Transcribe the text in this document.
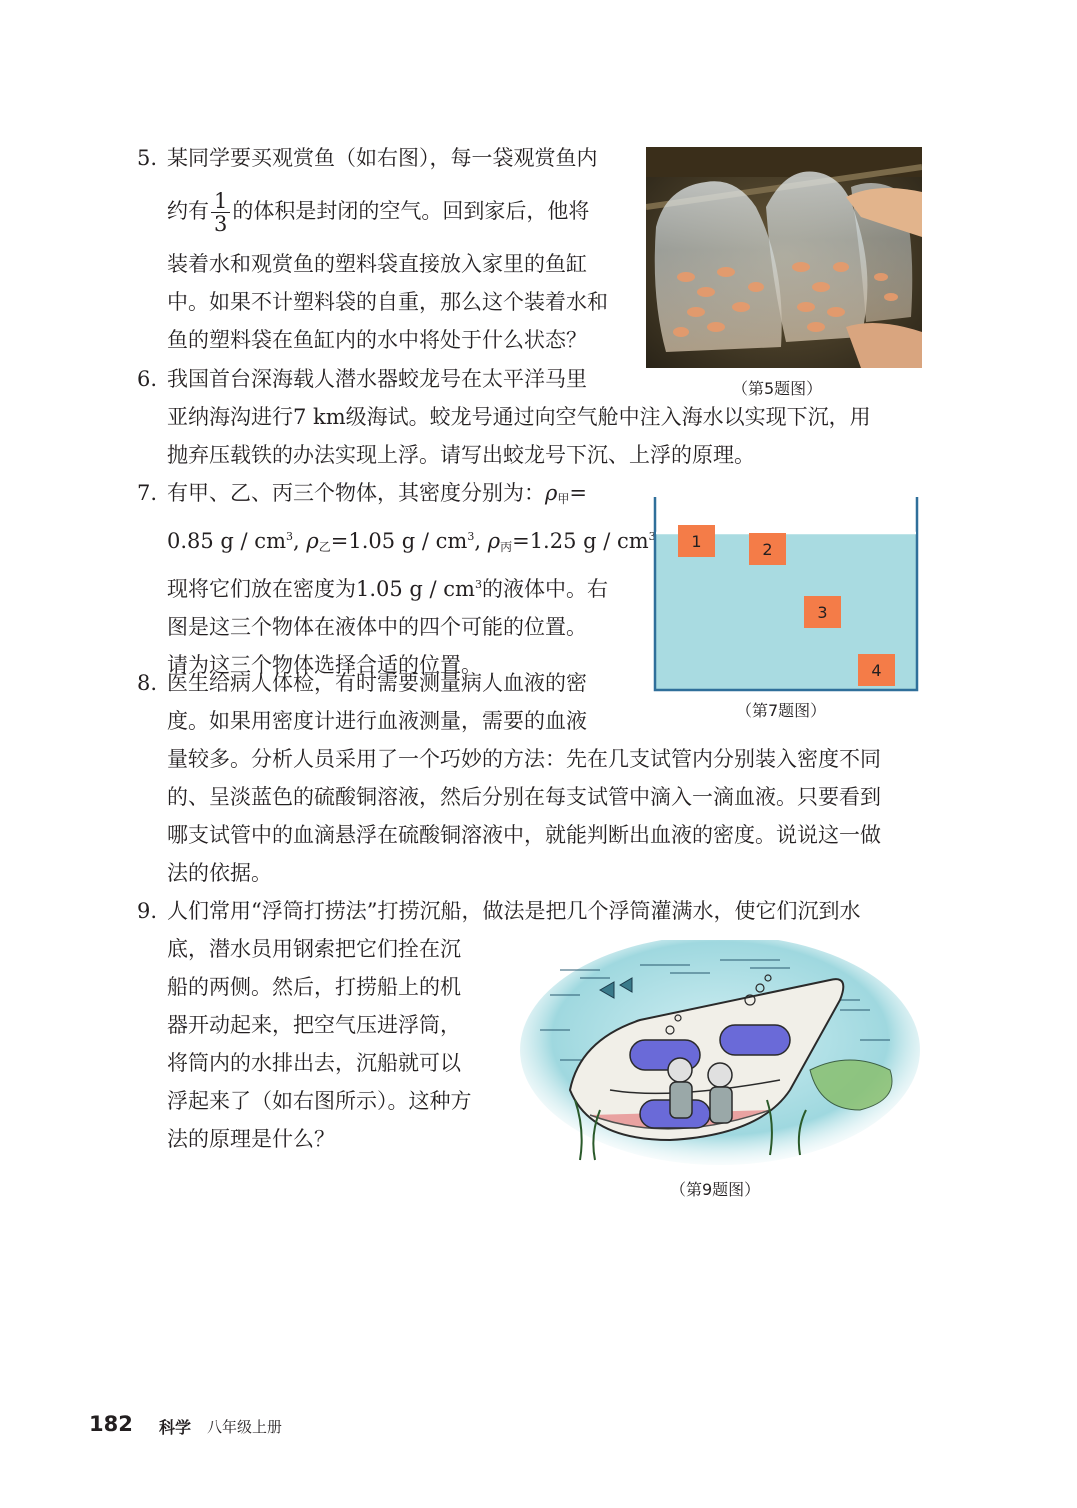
5. 某同学要买观赏鱼（如右图），每一袋观赏鱼内
约有 $\frac{1}{3}$ 的体积是封闭的空气。回到家后，他将
装着水和观赏鱼的塑料袋直接放入家里的鱼缸
中。如果不计塑料袋的自重，那么这个装着水和
鱼的塑料袋在鱼缸内的水中将处于什么状态？
（第5题图）
6. 我国首台深海载人潜水器蛟龙号在太平洋马里
亚纳海沟进行7 km级海试。蛟龙号通过向空气舱中注入海水以实现下沉，用
抛弃压载铁的办法实现上浮。请写出蛟龙号下沉、上浮的原理。
7. 有甲、乙、丙三个物体，其密度分别为：$\rho_甲=$
0.85 g / $cm^3$, $\rho_乙=1.05$ g / $cm^3$, $\rho_丙=1.25$ g / $cm^3$
现将它们放在密度为1.05 g / $cm^3$的液体中。右
图是这三个物体在液体中的四个可能的位置。
请为这三个物体选择合适的位置。
1	2
3
4
（第7题图）
8. 医生给病人体检，有时需要测量病人血液的密
度。如果用密度计进行血液测量，需要的血液
量较多。分析人员采用了一个巧妙的方法：先在几支试管内分别装入密度不同
的、呈淡蓝色的硫酸铜溶液，然后分别在每支试管中滴入一滴血液。只要看到
哪支试管中的血滴悬浮在硫酸铜溶液中，就能判断出血液的密度。说说这一做
法的依据。
9. 人们常用“浮筒打捞法”打捞沉船，做法是把几个浮筒灌满水，使它们沉到水
底，潜水员用钢索把它们拴在沉
船的两侧。然后，打捞船上的机
器开动起来，把空气压进浮筒，
将筒内的水排出去，沉船就可以
浮起来了（如右图所示）。这种方
法的原理是什么？
（第9题图）
182 科学 八年级上册
